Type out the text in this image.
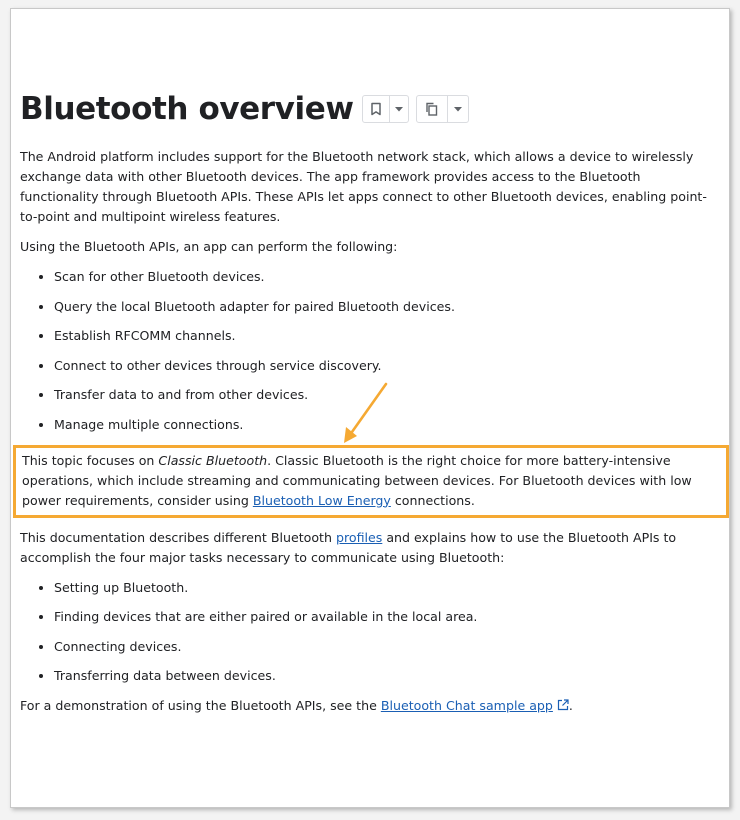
Bluetooth overview

The Android platform includes support for the Bluetooth network stack, which allows a device to wirelessly exchange data with other Bluetooth devices. The app framework provides access to the Bluetooth functionality through Bluetooth APIs. These APIs let apps connect to other Bluetooth devices, enabling point-to-point and multipoint wireless features.

Using the Bluetooth APIs, an app can perform the following:

• Scan for other Bluetooth devices.
• Query the local Bluetooth adapter for paired Bluetooth devices.
• Establish RFCOMM channels.
• Connect to other devices through service discovery.
• Transfer data to and from other devices.
• Manage multiple connections.

This topic focuses on Classic Bluetooth. Classic Bluetooth is the right choice for more battery-intensive operations, which include streaming and communicating between devices. For Bluetooth devices with low power requirements, consider using Bluetooth Low Energy connections.

This documentation describes different Bluetooth profiles and explains how to use the Bluetooth APIs to accomplish the four major tasks necessary to communicate using Bluetooth:

• Setting up Bluetooth.
• Finding devices that are either paired or available in the local area.
• Connecting devices.
• Transferring data between devices.

For a demonstration of using the Bluetooth APIs, see the Bluetooth Chat sample app .
